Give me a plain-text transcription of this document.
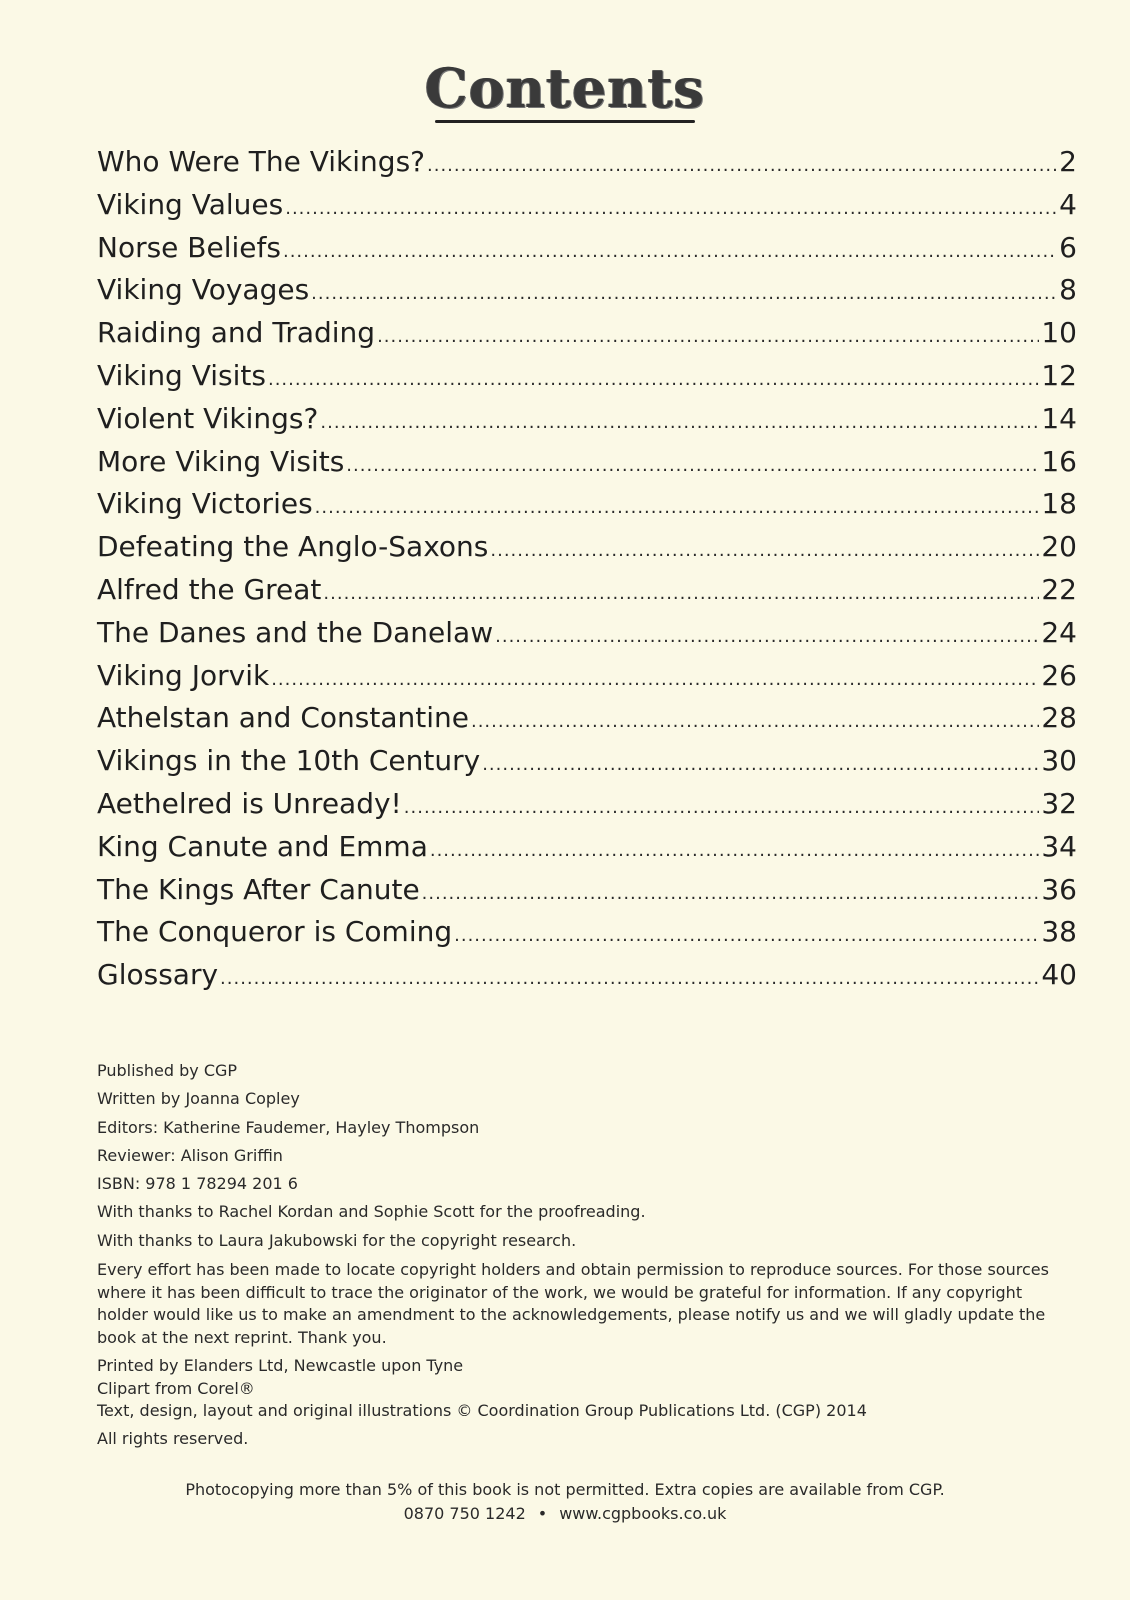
Contents
Who Were The Vikings? .....	2
Viking Values .....	4
Norse Beliefs .....	6
Viking Voyages .....	8
Raiding and Trading .....	10
Viking Visits .....	12
Violent Vikings? .....	14
More Viking Visits .....	16
Viking Victories .....	18
Defeating the Anglo-Saxons .....	20
Alfred the Great .....	22
The Danes and the Danelaw .....	24
Viking Jorvik .....	26
Athelstan and Constantine .....	28
Vikings in the 10th Century .....	30
Aethelred is Unready! .....	32
King Canute and Emma .....	34
The Kings After Canute .....	36
The Conqueror is Coming .....	38
Glossary .....	40
Published by CGP
Written by Joanna Copley
Editors: Katherine Faudemer, Hayley Thompson
Reviewer: Alison Griffin
ISBN: 978 1 78294 201 6
With thanks to Rachel Kordan and Sophie Scott for the proofreading.
With thanks to Laura Jakubowski for the copyright research.
Every effort has been made to locate copyright holders and obtain permission to reproduce sources. For those sources where it has been difficult to trace the originator of the work, we would be grateful for information. If any copyright holder would like us to make an amendment to the acknowledgements, please notify us and we will gladly update the book at the next reprint. Thank you.
Printed by Elanders Ltd, Newcastle upon Tyne
Clipart from Corel®
Text, design, layout and original illustrations © Coordination Group Publications Ltd. (CGP) 2014
All rights reserved.
Photocopying more than 5% of this book is not permitted. Extra copies are available from CGP.
0870 750 1242 • www.cgpbooks.co.uk
